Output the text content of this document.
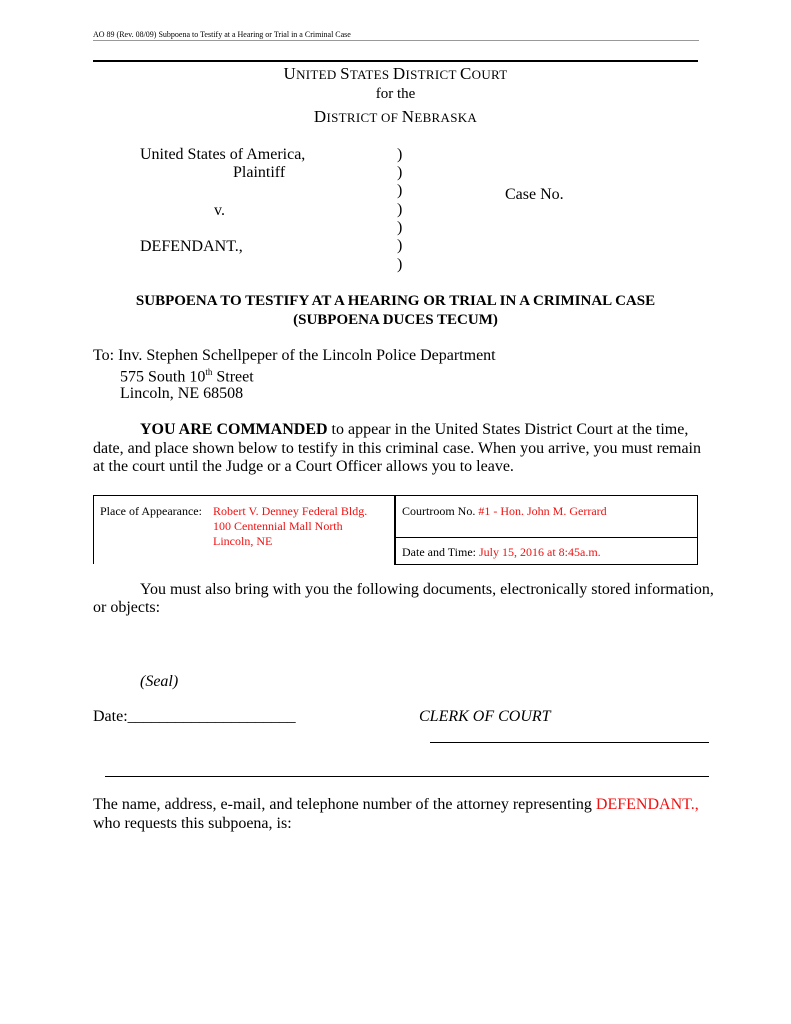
AO 89 (Rev. 08/09) Subpoena to Testify at a Hearing or Trial in a Criminal Case
UNITED STATES DISTRICT COURT
for the
DISTRICT OF NEBRASKA
United States of America,
Plaintiff
v.
DEFENDANT.,
)
)
)
)
)
)
)
Case No.
SUBPOENA TO TESTIFY AT A HEARING OR TRIAL IN A CRIMINAL CASE
(SUBPOENA DUCES TECUM)
To: Inv. Stephen Schellpeper of the Lincoln Police Department
575 South 10th Street
Lincoln, NE 68508
YOU ARE COMMANDED to appear in the United States District Court at the time,
date, and place shown below to testify in this criminal case. When you arrive, you must remain
at the court until the Judge or a Court Officer allows you to leave.
Place of Appearance: Robert V. Denney Federal Bldg.
100 Centennial Mall North
Lincoln, NE
Courtroom No. #1 - Hon. John M. Gerrard
Date and Time: July 15, 2016 at 8:45a.m.
You must also bring with you the following documents, electronically stored information,
or objects:
(Seal)
Date:_____________________	CLERK OF COURT
The name, address, e-mail, and telephone number of the attorney representing DEFENDANT.,
who requests this subpoena, is:
